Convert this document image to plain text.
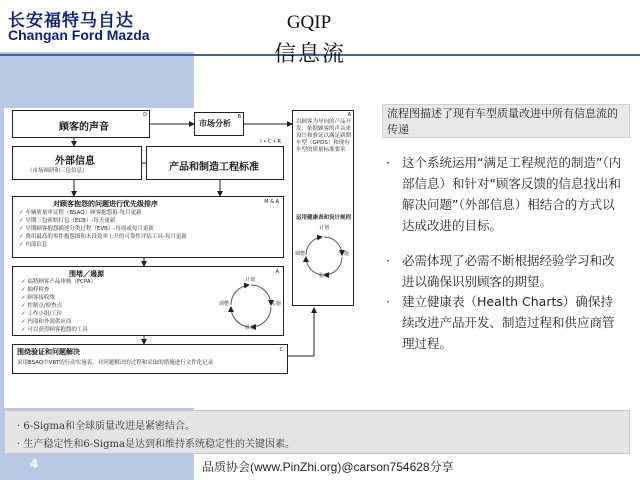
长安福特马自达
Changan Ford Mazda
GQIP
信息流
顾客的声音
D
市场分析
B
以顾客为导向的产品开发：依据顾客的声音来设计和验证以满足新期车型（GPDS）和现有车型的质量标准要求
运用健康表和设计规则
A
计划
实施
验证
调整
外部信息
（市场调研和三包信息）	产品和制造工程标准
I • C • R
对顾客抱怨的问题进行优先级排序	M & A
✓ 车辆质量审议程（BSAQ）顾客抱怨报-每月更新
✓ 早期三包索赔打包（ECB）-每天更新
✓ 早期顾客抱怨描述分类过程（EVB）-每周或每月更新
✓ 费用最高的零件抱怨图和未设效率上升的可靠性评估工具-每月更新
✓ 内部信息
围堵／遏源	A
✓ 福特顾客产品审核（FCPA）
✓ 抽样检查
✓ 顾客接收线
✓ 控制点/检查点
✓ 工作小组/工位
✓ 内部和外部供应商
✓ 可以获得顾客抱怨的工具
计划
实施
验证
调整
围绕验证和问题解决	C
采用BSAQ中VRT的行动实施表、对问题解决的过程和采取的措施进行文件化记录
流程图描述了现有车型质量改进中所有信息流的传递
· 这个系统运用“满足工程规范的制造”（内部信息）和针对“顾客反馈的信息找出和解决问题”（外部信息）相结合的方式以达成改进的目标。
· 必需体现了必需不断根据经验学习和改进以确保识别顾客的期望。
· 建立健康表（Health Charts）确保持续改进产品开发、制造过程和供应商管理过程。
· 6-Sigma和全球质量改进是紧密结合。
· 生产稳定性和6-Sigma是达到和维持系统稳定性的关键因素。
4	品质协会(www.PinZhi.org)@carson754628分享
